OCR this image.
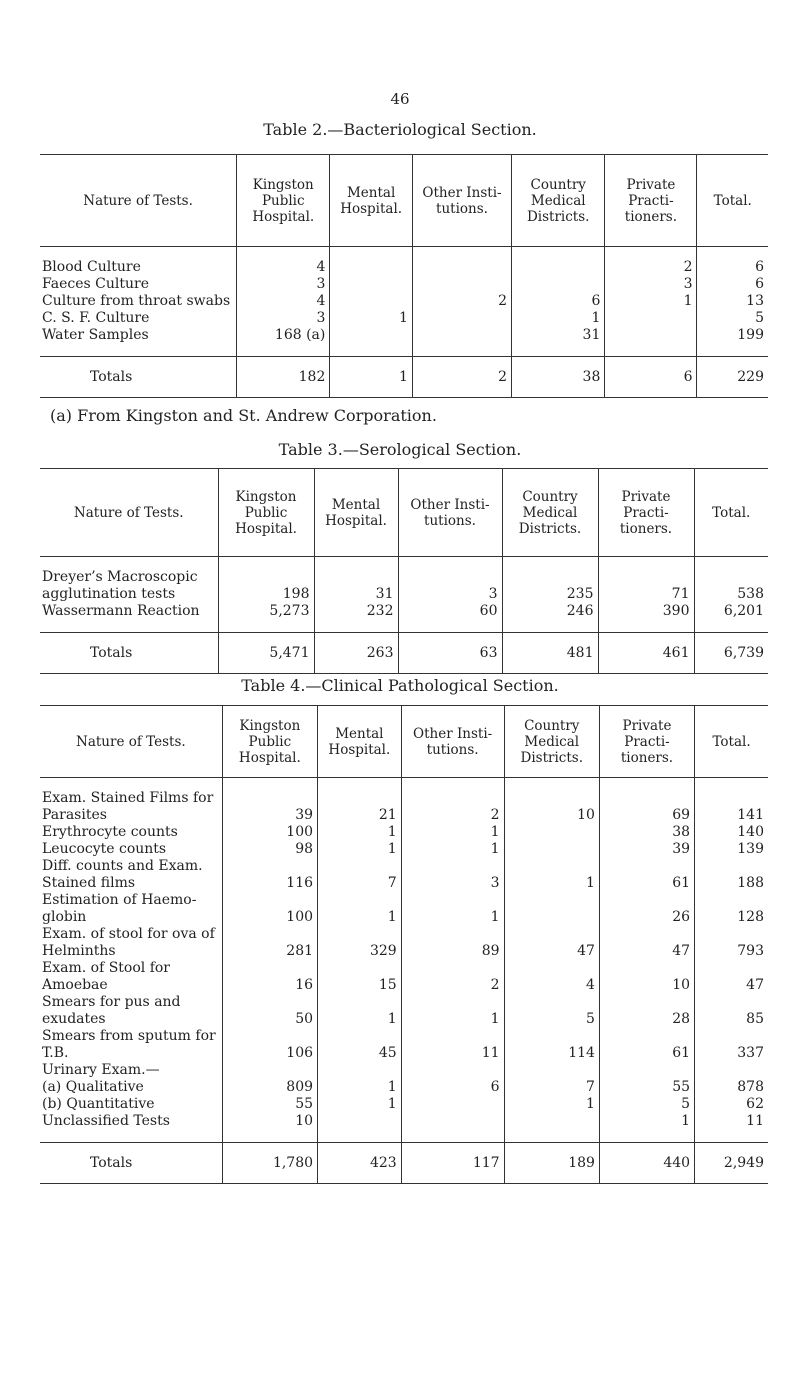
46
Table 2.—Bacteriological Section.
Nature of Tests.	Kingston Public Hospital.	Mental Hospital.	Other Insti- tutions.	Country Medical Districts.	Private Practi- tioners.	Total.

Blood Culture	4				2	6
Faeces Culture	3				3	6
Culture from throat swabs	4		2	6	1	13
C. S. F. Culture	3	1		1		5
Water Samples	168 (a)			31		199

Totals	182	1	2	38	6	229
(a) From Kingston and St. Andrew Corporation.
Table 3.—Serological Section.
Nature of Tests.	Kingston Public Hospital.	Mental Hospital.	Other Insti- tutions.	Country Medical Districts.	Private Practi- tioners.	Total.

Dreyer’s Macroscopic						
agglutination tests	198	31	3	235	71	538
Wassermann Reaction	5,273	232	60	246	390	6,201

Totals	5,471	263	63	481	461	6,739
Table 4.—Clinical Pathological Section.
Nature of Tests.	Kingston Public Hospital.	Mental Hospital.	Other Insti- tutions.	Country Medical Districts.	Private Practi- tioners.	Total.

Exam. Stained Films for						
Parasites	39	21	2	10	69	141
Erythrocyte counts	100	1	1		38	140
Leucocyte counts	98	1	1		39	139
Diff. counts and Exam.						
Stained films	116	7	3	1	61	188
Estimation of Haemo-						
globin	100	1	1		26	128
Exam. of stool for ova of						
Helminths	281	329	89	47	47	793
Exam. of Stool for						
Amoebae	16	15	2	4	10	47
Smears for pus and						
exudates	50	1	1	5	28	85
Smears from sputum for						
T.B.	106	45	11	114	61	337
Urinary Exam.—						
(a) Qualitative	809	1	6	7	55	878
(b) Quantitative	55	1		1	5	62
Unclassified Tests	10				1	11

Totals	1,780	423	117	189	440	2,949
